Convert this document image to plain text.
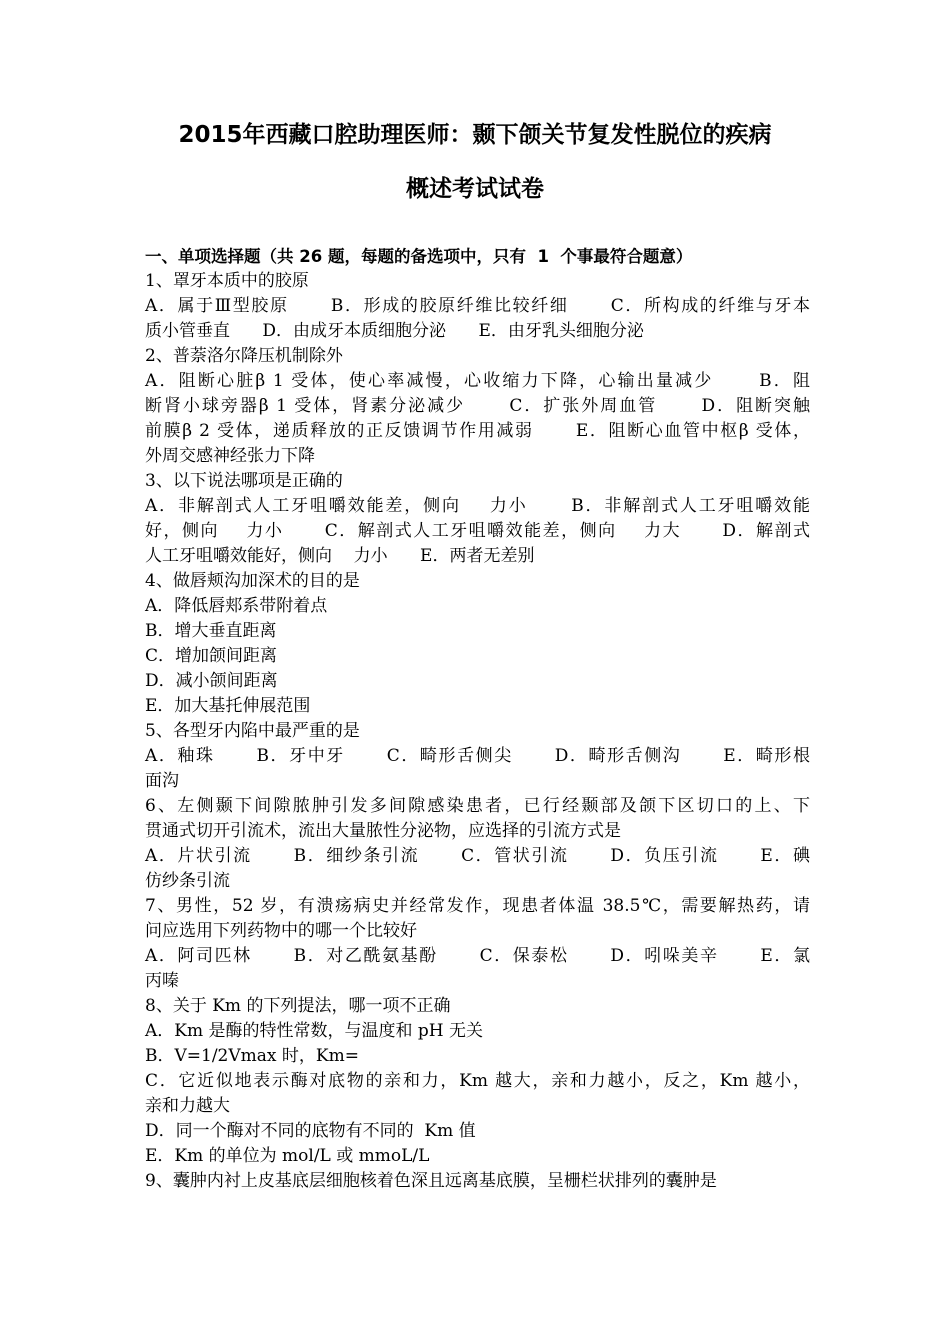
2015年西藏口腔助理医师：颞下颌关节复发性脱位的疾病
概述考试试卷
一、单项选择题（共 26 题，每题的备选项中，只有  1  个事最符合题意）
1、罩牙本质中的胶原
A．属于Ⅲ型胶原      B．形成的胶原纤维比较纤细      C．所构成的纤维与牙本
质小管垂直      D．由成牙本质细胞分泌      E．由牙乳头细胞分泌
2、普萘洛尔降压机制除外
A．阻断心脏β 1 受体，使心率减慢，心收缩力下降，心输出量减少      B．阻
断肾小球旁器β 1 受体，肾素分泌减少      C．扩张外周血管      D．阻断突触
前膜β 2 受体，递质释放的正反馈调节作用减弱      E．阻断心血管中枢β 受体，
外周交感神经张力下降
3、以下说法哪项是正确的
A．非解剖式人工牙咀嚼效能差，侧向    力小      B．非解剖式人工牙咀嚼效能
好，侧向    力小      C．解剖式人工牙咀嚼效能差，侧向    力大      D．解剖式
人工牙咀嚼效能好，侧向    力小      E．两者无差别
4、做唇颊沟加深术的目的是
A．降低唇郏系带附着点
B．增大垂直距离
C．增加颌间距离
D．减小颌间距离
E．加大基托伸展范围
5、各型牙内陷中最严重的是
A．釉珠      B．牙中牙      C．畸形舌侧尖      D．畸形舌侧沟      E．畸形根
面沟
6、左侧颞下间隙脓肿引发多间隙感染患者，已行经颞部及颌下区切口的上、下
贯通式切开引流术，流出大量脓性分泌物，应选择的引流方式是
A．片状引流      B．细纱条引流      C．管状引流      D．负压引流      E．碘
仿纱条引流
7、男性，52 岁，有溃疡病史并经常发作，现患者体温 38.5℃，需要解热药，请
问应选用下列药物中的哪一个比较好
A．阿司匹林      B．对乙酰氨基酚      C．保泰松      D．吲哚美辛      E．氯
丙嗪
8、关于 Km 的下列提法，哪一项不正确
A．Km 是酶的特性常数，与温度和 pH 无关
B．V=1/2Vmax 时，Km=
C．它近似地表示酶对底物的亲和力，Km 越大，亲和力越小，反之，Km 越小，
亲和力越大
D．同一个酶对不同的底物有不同的  Km 值
E．Km 的单位为 mol/L 或 mmoL/L
9、囊肿内衬上皮基底层细胞核着色深且远离基底膜，呈栅栏状排列的囊肿是
